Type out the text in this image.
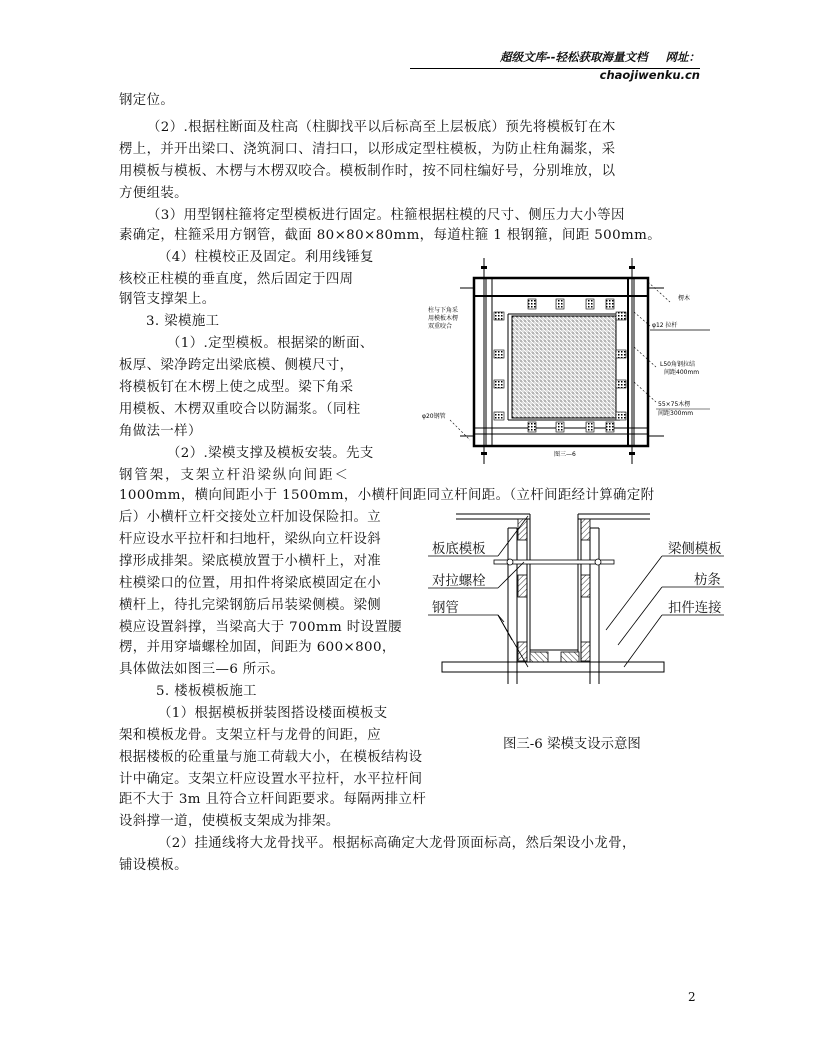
超级文库--轻松获取海量文档 网址：chaojiwenku.cn
钢定位。
（2）.根据柱断面及柱高（柱脚找平以后标高至上层板底）预先将模板钉在木
楞上，并开出梁口、浇筑洞口、清扫口，以形成定型柱模板，为防止柱角漏浆，采
用模板与模板、木楞与木楞双咬合。模板制作时，按不同柱编好号，分别堆放，以
方便组装。
（3）用型钢柱箍将定型模板进行固定。柱箍根据柱模的尺寸、侧压力大小等因
素确定，柱箍采用方钢管，截面 80×80×80mm，每道柱箍 1 根钢箍，间距 500mm。
（4）柱模校正及固定。利用线锤复
核校正柱模的垂直度，然后固定于四周
钢管支撑架上。
3. 梁模施工
（1）.定型模板。根据梁的断面、
板厚、梁净跨定出梁底模、侧模尺寸，
将模板钉在木楞上使之成型。梁下角采
用模板、木楞双重咬合以防漏浆。（同柱
角做法一样）
（2）.梁模支撑及模板安装。先支
钢管架，支架立杆沿梁纵向间距＜
1000mm，横向间距小于 1500mm，小横杆间距同立杆间距。（立杆间距经计算确定附
后）小横杆立杆交接处立杆加设保险扣。立
杆应设水平拉杆和扫地杆，梁纵向立杆设斜
撑形成排架。梁底模放置于小横杆上，对准
柱模梁口的位置，用扣件将梁底模固定在小
横杆上，待扎完梁钢筋后吊装梁侧模。梁侧
模应设置斜撑，当梁高大于 700mm 时设置腰
楞，并用穿墙螺栓加固，间距为 600×800，
具体做法如图三—6 所示。
5. 楼板模板施工
（1）根据模板拼装图搭设楼面模板支
架和模板龙骨。支架立杆与龙骨的间距，应
根据楼板的砼重量与施工荷载大小，在模板结构设
计中确定。支架立杆应设置水平拉杆，水平拉杆间
距不大于 3m 且符合立杆间距要求。每隔两排立杆
设斜撑一道，使模板支架成为排架。
（2）挂通线将大龙骨找平。根据标高确定大龙骨顶面标高，然后架设小龙骨，
铺设模板。
柱与下角采
用模板木楞
双重咬合
φ20钢管
楞木
φ12 拉杆
L50角钢拉结
间距400mm
55×75木楞
间距300mm
图三—6
板底模板
对拉螺栓
钢管
梁侧模板
枋条
扣件连接
图三-6 梁模支设示意图
2
